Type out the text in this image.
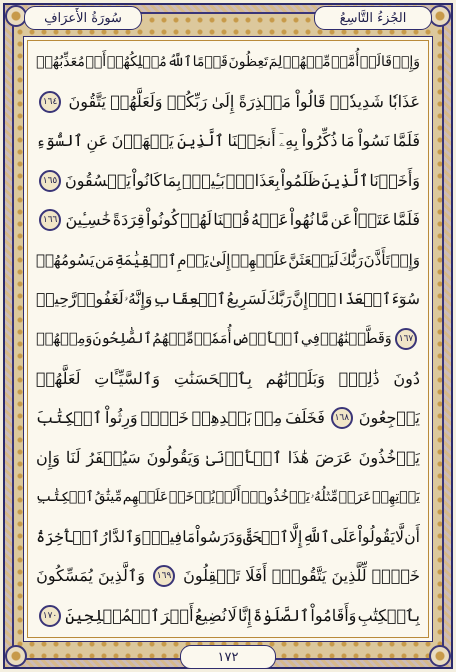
سُورَةُ الأَعرَافِ	الجُزءُ التَّاسِعُ
وَإِذۡ
قَالَتۡ
أُمَّةٞ
مِّنۡهُمۡ
لِمَ
تَعِظُونَ
قَوۡمًا
ٱللَّهُ
مُهۡلِكُهُمۡ
أَوۡ
مُعَذِّبُهُمۡ
عَذَابٗا
شَدِيدٗاۖ
قَالُواْ
مَعۡذِرَةً
إِلَىٰ
رَبِّكُمۡ
وَلَعَلَّهُمۡ
يَتَّقُونَ
١٦٤
فَلَمَّا
نَسُواْ
مَا
ذُكِّرُواْ
بِهِۦٓ
أَنجَيۡنَا
ٱلَّذِينَ
يَنۡهَوۡنَ
عَنِ
ٱلسُّوٓءِ
وَأَخَذۡنَا
ٱلَّذِينَ
ظَلَمُواْ
بِعَذَابِۭ
بَـِٔيسِۭ
بِمَا
كَانُواْ
يَفۡسُقُونَ
١٦٥
فَلَمَّا
عَتَوۡاْ
عَن
مَّا
نُهُواْ
عَنۡهُ
قُلۡنَا
لَهُمۡ
كُونُواْ
قِرَدَةً
خَٰسِـِٔينَ
١٦٦
وَإِذۡ
تَأَذَّنَ
رَبُّكَ
لَيَبۡعَثَنَّ
عَلَيۡهِمۡ
إِلَىٰ
يَوۡمِ
ٱلۡقِيَٰمَةِ
مَن
يَسُومُهُمۡ
سُوٓءَ
ٱلۡعَذَابِۗ
إِنَّ
رَبَّكَ
لَسَرِيعُ
ٱلۡعِقَابِ
وَإِنَّهُۥ
لَغَفُورٞ
رَّحِيمٞ
١٦٧
وَقَطَّعۡنَٰهُمۡ
فِي
ٱلۡأَرۡضِ
أُمَمٗاۖ
مِّنۡهُمُ
ٱلصَّٰلِحُونَ
وَمِنۡهُمۡ
دُونَ
ذَٰلِكَۖ
وَبَلَوۡنَٰهُم
بِٱلۡحَسَنَٰتِ
وَٱلسَّيِّـَٔاتِ
لَعَلَّهُمۡ
يَرۡجِعُونَ
١٦٨
فَخَلَفَ
مِنۢ
بَعۡدِهِمۡ
خَلۡفٞ
وَرِثُواْ
ٱلۡكِتَٰبَ
يَأۡخُذُونَ
عَرَضَ
هَٰذَا
ٱلۡأَدۡنَىٰ
وَيَقُولُونَ
سَيُغۡفَرُ
لَنَا
وَإِن
يَأۡتِهِمۡ
عَرَضٞ
مِّثۡلُهُۥ
يَأۡخُذُوهُۚ
أَلَمۡ
يُؤۡخَذۡ
عَلَيۡهِم
مِّيثَٰقُ
ٱلۡكِتَٰبِ
أَن
لَّا
يَقُولُواْ
عَلَى
ٱللَّهِ
إِلَّا
ٱلۡحَقَّ
وَدَرَسُواْ
مَا
فِيهِۗ
وَٱلدَّارُ
ٱلۡأٓخِرَةُ
خَيۡرٞ
لِّلَّذِينَ
يَتَّقُونَۚ
أَفَلَا
تَعۡقِلُونَ
١٦٩
وَٱلَّذِينَ
يُمَسِّكُونَ
بِٱلۡكِتَٰبِ
وَأَقَامُواْ
ٱلصَّلَوٰةَ
إِنَّا
لَا
نُضِيعُ
أَجۡرَ
ٱلۡمُصۡلِحِينَ
١٧٠
١٧٢
